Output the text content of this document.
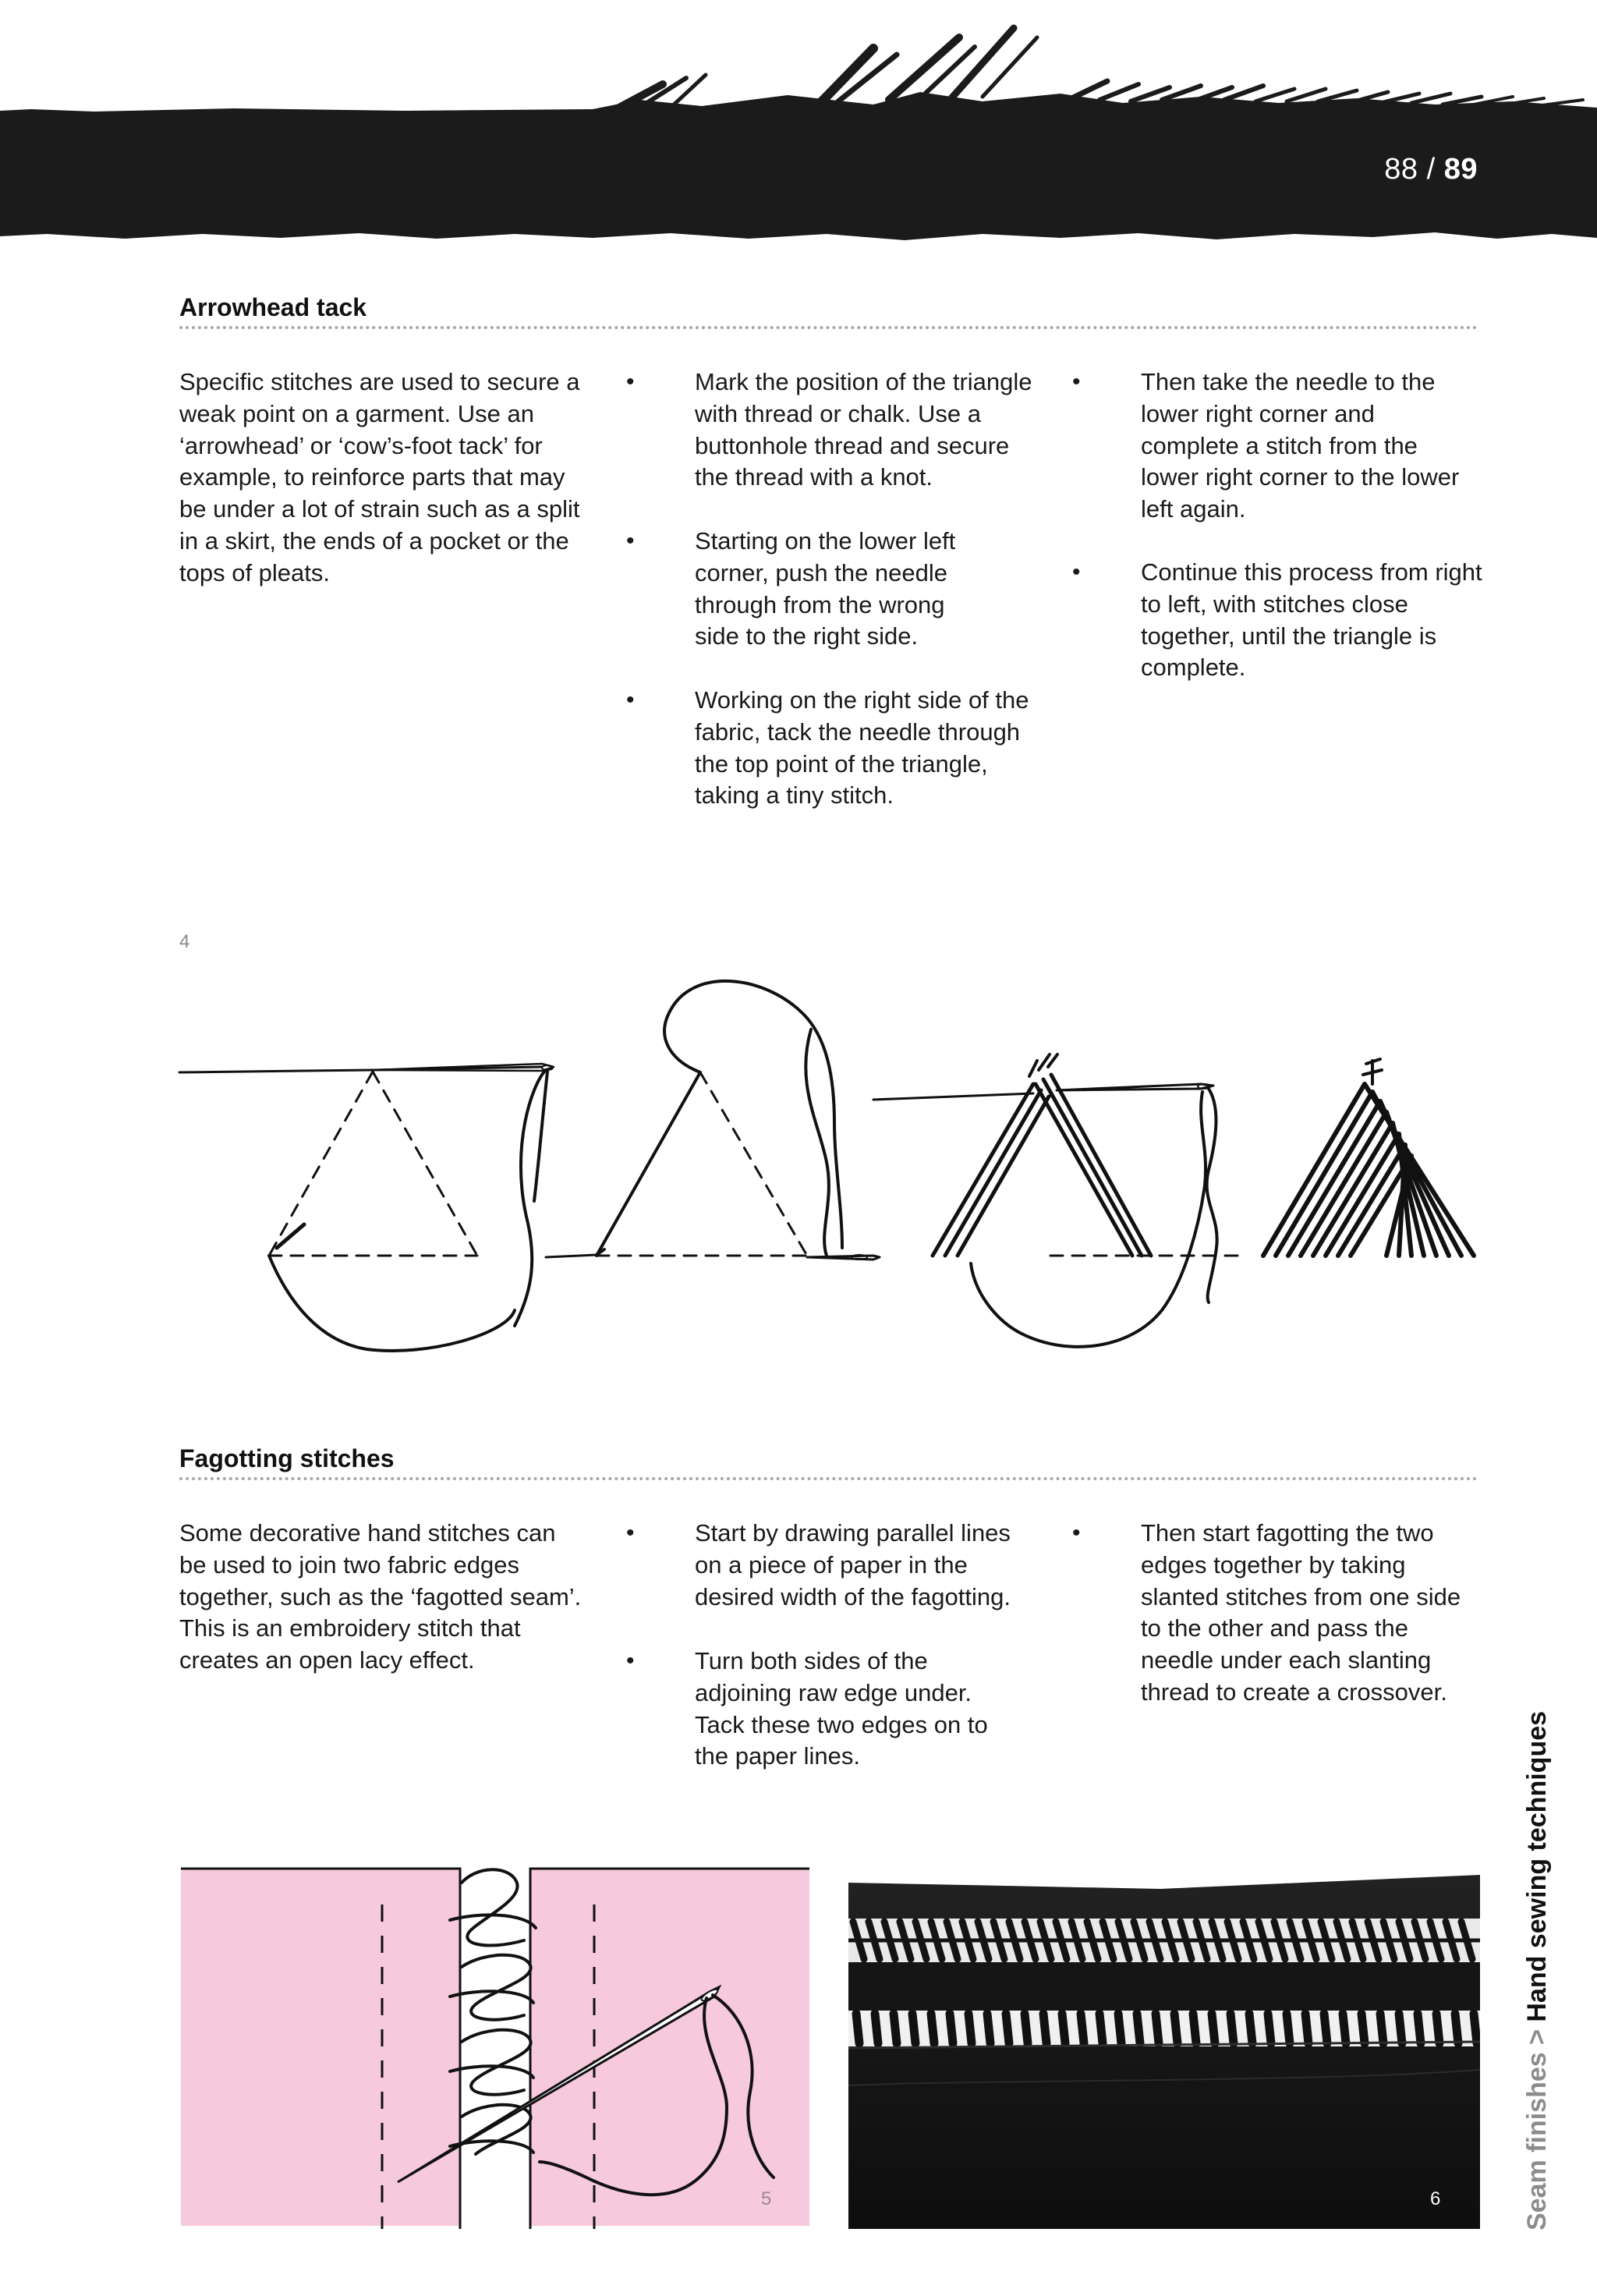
88 / 89
Arrowhead tack

Specific stitches are used to secure a weak point on a garment. Use an ‘arrowhead’ or ‘cow’s-foot tack’ for example, to reinforce parts that may be under a lot of strain such as a split in a skirt, the ends of a pocket or the tops of pleats.

• Mark the position of the triangle with thread or chalk. Use a buttonhole thread and secure the thread with a knot.

• Starting on the lower left corner, push the needle through from the wrong side to the right side.

• Working on the right side of the fabric, tack the needle through the top point of the triangle, taking a tiny stitch.

• Then take the needle to the lower right corner and complete a stitch from the lower right corner to the lower left again.

• Continue this process from right to left, with stitches close together, until the triangle is complete.

4
Fagotting stitches

Some decorative hand stitches can be used to join two fabric edges together, such as the ‘fagotted seam’. This is an embroidery stitch that creates an open lacy effect.

• Start by drawing parallel lines on a piece of paper in the desired width of the fagotting.

• Turn both sides of the adjoining raw edge under. Tack these two edges on to the paper lines.

• Then start fagotting the two edges together by taking slanted stitches from one side to the other and pass the needle under each slanting thread to create a crossover.

5	6	Seam finishes > Hand sewing techniques
